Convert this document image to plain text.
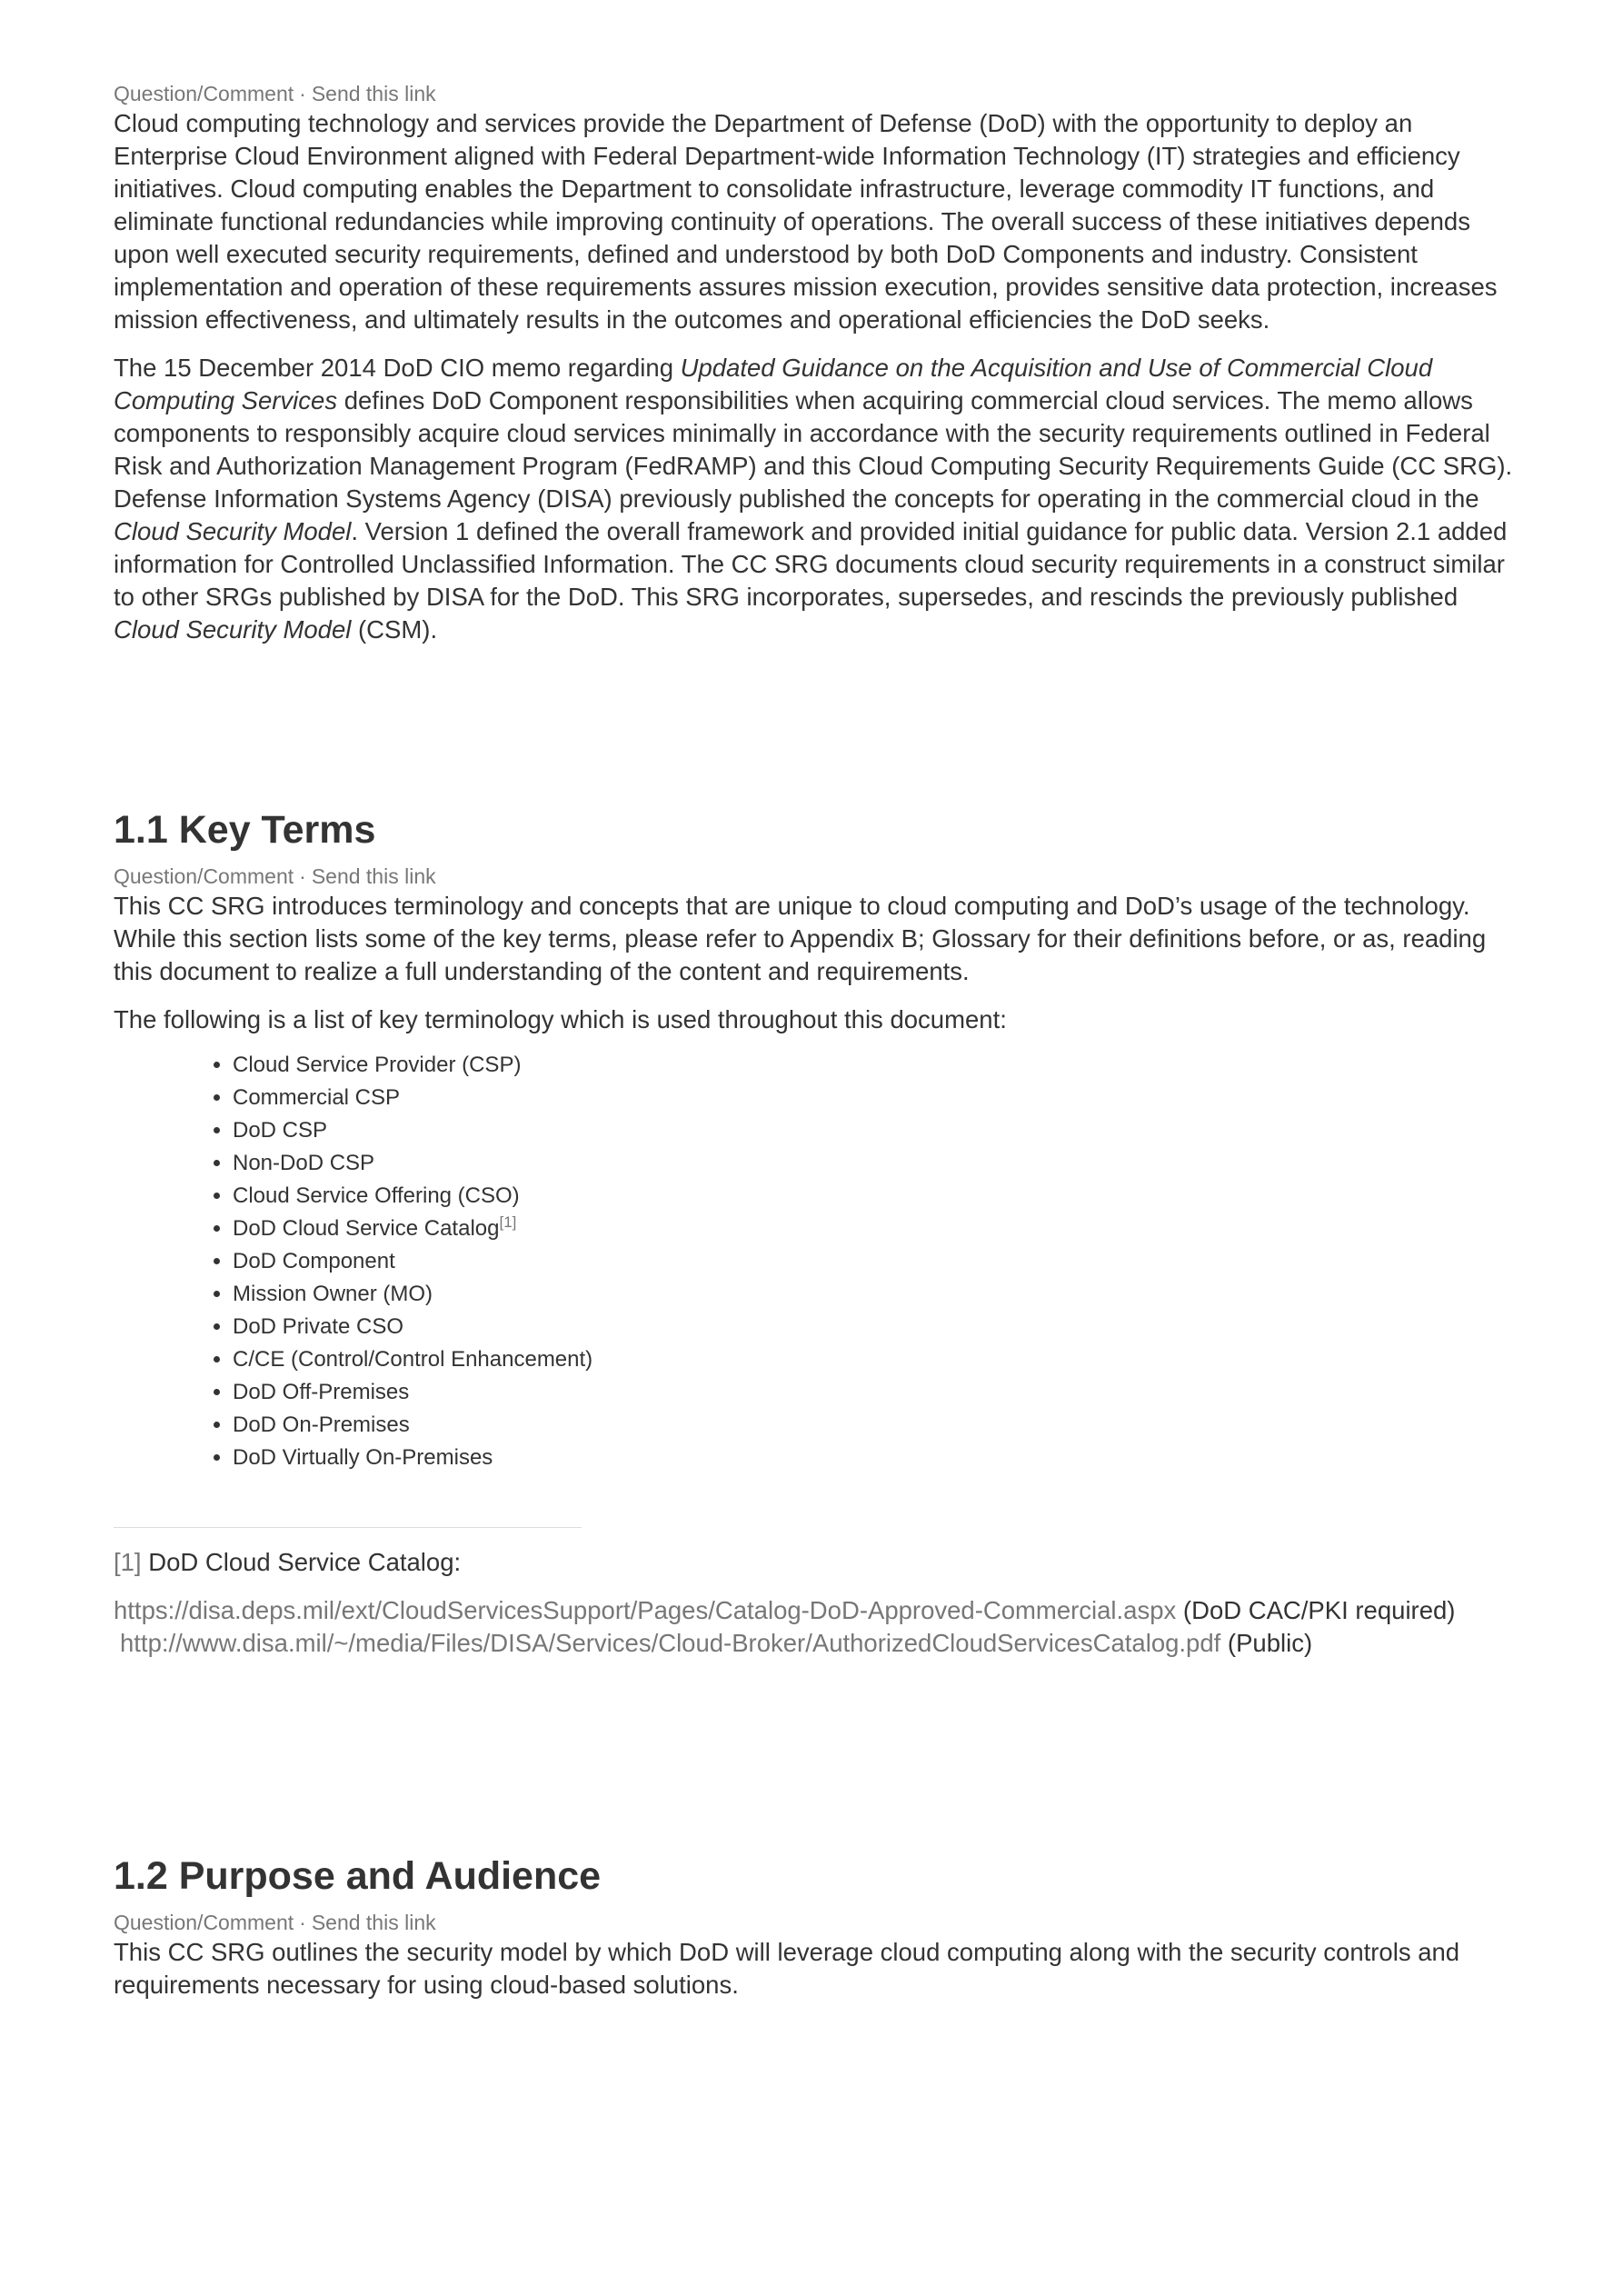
Question/Comment · Send this link

Cloud computing technology and services provide the Department of Defense (DoD) with the opportunity to deploy an Enterprise Cloud Environment aligned with Federal Department-wide Information Technology (IT) strategies and efficiency initiatives. Cloud computing enables the Department to consolidate infrastructure, leverage commodity IT functions, and eliminate functional redundancies while improving continuity of operations. The overall success of these initiatives depends upon well executed security requirements, defined and understood by both DoD Components and industry. Consistent implementation and operation of these requirements assures mission execution, provides sensitive data protection, increases mission effectiveness, and ultimately results in the outcomes and operational efficiencies the DoD seeks.

The 15 December 2014 DoD CIO memo regarding Updated Guidance on the Acquisition and Use of Commercial Cloud Computing Services defines DoD Component responsibilities when acquiring commercial cloud services. The memo allows components to responsibly acquire cloud services minimally in accordance with the security requirements outlined in Federal Risk and Authorization Management Program (FedRAMP) and this Cloud Computing Security Requirements Guide (CC SRG). Defense Information Systems Agency (DISA) previously published the concepts for operating in the commercial cloud in the Cloud Security Model. Version 1 defined the overall framework and provided initial guidance for public data. Version 2.1 added information for Controlled Unclassified Information. The CC SRG documents cloud security requirements in a construct similar to other SRGs published by DISA for the DoD. This SRG incorporates, supersedes, and rescinds the previously published Cloud Security Model (CSM).

1.1 Key Terms
Question/Comment · Send this link

This CC SRG introduces terminology and concepts that are unique to cloud computing and DoD’s usage of the technology. While this section lists some of the key terms, please refer to Appendix B; Glossary for their definitions before, or as, reading this document to realize a full understanding of the content and requirements.

The following is a list of key terminology which is used throughout this document:

• Cloud Service Provider (CSP)
• Commercial CSP
• DoD CSP
• Non-DoD CSP
• Cloud Service Offering (CSO)
• DoD Cloud Service Catalog[1]
• DoD Component
• Mission Owner (MO)
• DoD Private CSO
• C/CE (Control/Control Enhancement)
• DoD Off-Premises
• DoD On-Premises
• DoD Virtually On-Premises
[1] DoD Cloud Service Catalog:
https://disa.deps.mil/ext/CloudServicesSupport/Pages/Catalog-DoD-Approved-Commercial.aspx (DoD CAC/PKI required)
http://www.disa.mil/~/media/Files/DISA/Services/Cloud-Broker/AuthorizedCloudServicesCatalog.pdf (Public)
1.2 Purpose and Audience
Question/Comment · Send this link

This CC SRG outlines the security model by which DoD will leverage cloud computing along with the security controls and requirements necessary for using cloud-based solutions.
